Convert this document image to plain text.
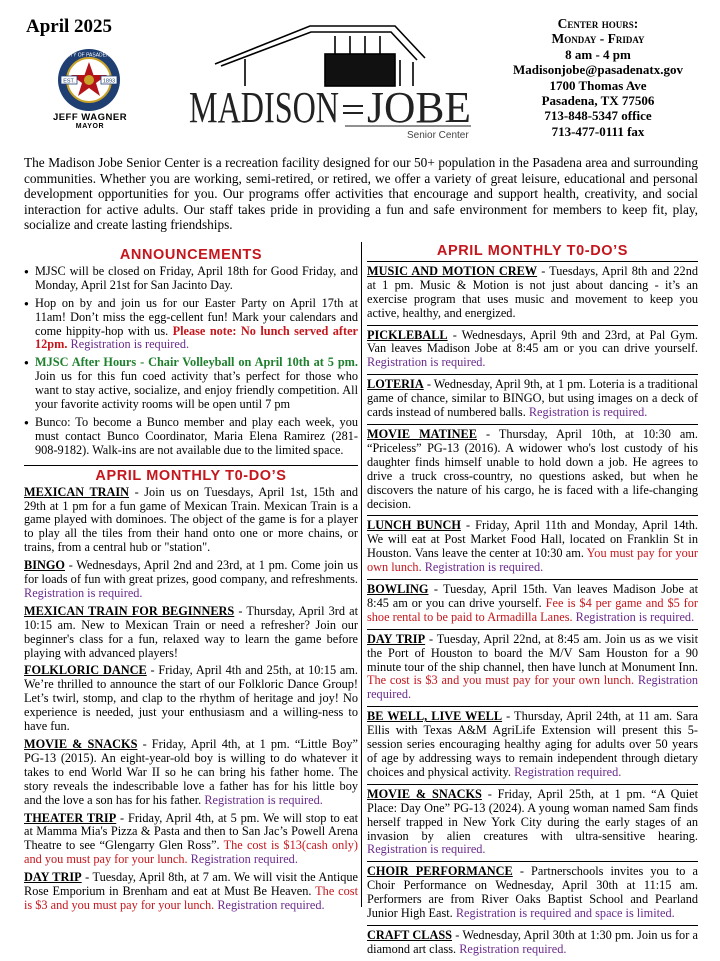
April 2025
EST.	1893
CITY OF PASADENA
JEFF WAGNER
MAYOR	MADISON JOBE
Senior Center
Center hours:
Monday - Friday
8 am - 4 pm
Madisonjobe@pasadenatx.gov
1700 Thomas Ave
Pasadena, TX 77506
713-848-5347 office
713-477-0111 fax
The Madison Jobe Senior Center is a recreation facility designed for our 50+ population in the Pasadena area and surrounding communities. Whether you are working, semi-retired, or retired, we offer a variety of great leisure, educational and personal development opportunities for you. Our programs offer activities that encourage and support health, creativity, and social interaction for active adults. Our staff takes pride in providing a fun and safe environment for members to keep fit, play, socialize and create lasting friendships.
ANNOUNCEMENTS
● MJSC will be closed on Friday, April 18th for Good Friday, and Monday, April 21st for San Jacinto Day.
● Hop on by and join us for our Easter Party on April 17th at 11am! Don’t miss the egg-cellent fun! Mark your calendars and come hippity-hop with us. Please note: No lunch served after 12pm. Registration is required.
● MJSC After Hours - Chair Volleyball on April 10th at 5 pm. Join us for this fun coed activity that’s perfect for those who want to stay active, socialize, and enjoy friendly competition. All your favorite activity rooms will be open until 7 pm
● Bunco: To become a Bunco member and play each week, you must contact Bunco Coordinator, Maria Elena Ramirez (281-908-9182). Walk-ins are not available due to the limited space.
APRIL MONTHLY T0-DO’S
MEXICAN TRAIN - Join us on Tuesdays, April 1st, 15th and 29th at 1 pm for a fun game of Mexican Train. Mexican Train is a game played with dominoes. The object of the game is for a player to play all the tiles from their hand onto one or more chains, or trains, from a central hub or "station".
BINGO - Wednesdays, April 2nd and 23rd, at 1 pm. Come join us for loads of fun with great prizes, good company, and refreshments. Registration is required.
MEXICAN TRAIN FOR BEGINNERS - Thursday, April 3rd at 10:15 am. New to Mexican Train or need a refresher? Join our beginner's class for a fun, relaxed way to learn the game before playing with advanced players!
FOLKLORIC DANCE - Friday, April 4th and 25th, at 10:15 am. We’re thrilled to announce the start of our Folkloric Dance Group! Let’s twirl, stomp, and clap to the rhythm of heritage and joy! No experience is needed, just your enthusiasm and a willing-ness to have fun.
MOVIE & SNACKS - Friday, April 4th, at 1 pm. “Little Boy” PG-13 (2015). An eight-year-old boy is willing to do whatever it takes to end World War II so he can bring his father home. The story reveals the indescribable love a father has for his little boy and the love a son has for his father. Registration is required.
THEATER TRIP - Friday, April 4th, at 5 pm. We will stop to eat at Mamma Mia's Pizza & Pasta and then to San Jac’s Powell Arena Theatre to see “Glengarry Glen Ross”. The cost is $13(cash only) and you must pay for your lunch. Registration required.
DAY TRIP - Tuesday, April 8th, at 7 am. We will visit the Antique Rose Emporium in Brenham and eat at Must Be Heaven. The cost is $3 and you must pay for your lunch. Registration required.
APRIL MONTHLY T0-DO’S
MUSIC AND MOTION CREW - Tuesdays, April 8th and 22nd at 1 pm. Music & Motion is not just about dancing - it’s an exercise program that uses music and movement to keep you active, healthy, and energized.
PICKLEBALL - Wednesdays, April 9th and 23rd, at Pal Gym. Van leaves Madison Jobe at 8:45 am or you can drive yourself. Registration is required.
LOTERIA - Wednesday, April 9th, at 1 pm. Loteria is a traditional game of chance, similar to BINGO, but using images on a deck of cards instead of numbered balls. Registration is required.
MOVIE MATINEE - Thursday, April 10th, at 10:30 am. “Priceless” PG-13 (2016). A widower who's lost custody of his daughter finds himself unable to hold down a job. He agrees to drive a truck cross-country, no questions asked, but when he discovers the nature of his cargo, he is faced with a life-changing decision.
LUNCH BUNCH - Friday, April 11th and Monday, April 14th. We will eat at Post Market Food Hall, located on Franklin St in Houston. Vans leave the center at 10:30 am. You must pay for your own lunch. Registration is required.
BOWLING - Tuesday, April 15th. Van leaves Madison Jobe at 8:45 am or you can drive yourself. Fee is $4 per game and $5 for shoe rental to be paid to Armadilla Lanes. Registration is required.
DAY TRIP - Tuesday, April 22nd, at 8:45 am. Join us as we visit the Port of Houston to board the M/V Sam Houston for a 90 minute tour of the ship channel, then have lunch at Monument Inn. The cost is $3 and you must pay for your own lunch. Registration required.
BE WELL, LIVE WELL - Thursday, April 24th, at 11 am. Sara Ellis with Texas A&M AgriLife Extension will present this 5-session series encouraging healthy aging for adults over 50 years of age by addressing ways to remain independent through dietary choices and physical activity. Registration required.
MOVIE & SNACKS - Friday, April 25th, at 1 pm. “A Quiet Place: Day One” PG-13 (2024). A young woman named Sam finds herself trapped in New York City during the early stages of an invasion by alien creatures with ultra-sensitive hearing. Registration is required.
CHOIR PERFORMANCE - Partnerschools invites you to a Choir Performance on Wednesday, April 30th at 11:15 am. Performers are from River Oaks Baptist School and Pearland Junior High East. Registration is required and space is limited.
CRAFT CLASS - Wednesday, April 30th at 1:30 pm. Join us for a diamond art class. Registration required.
